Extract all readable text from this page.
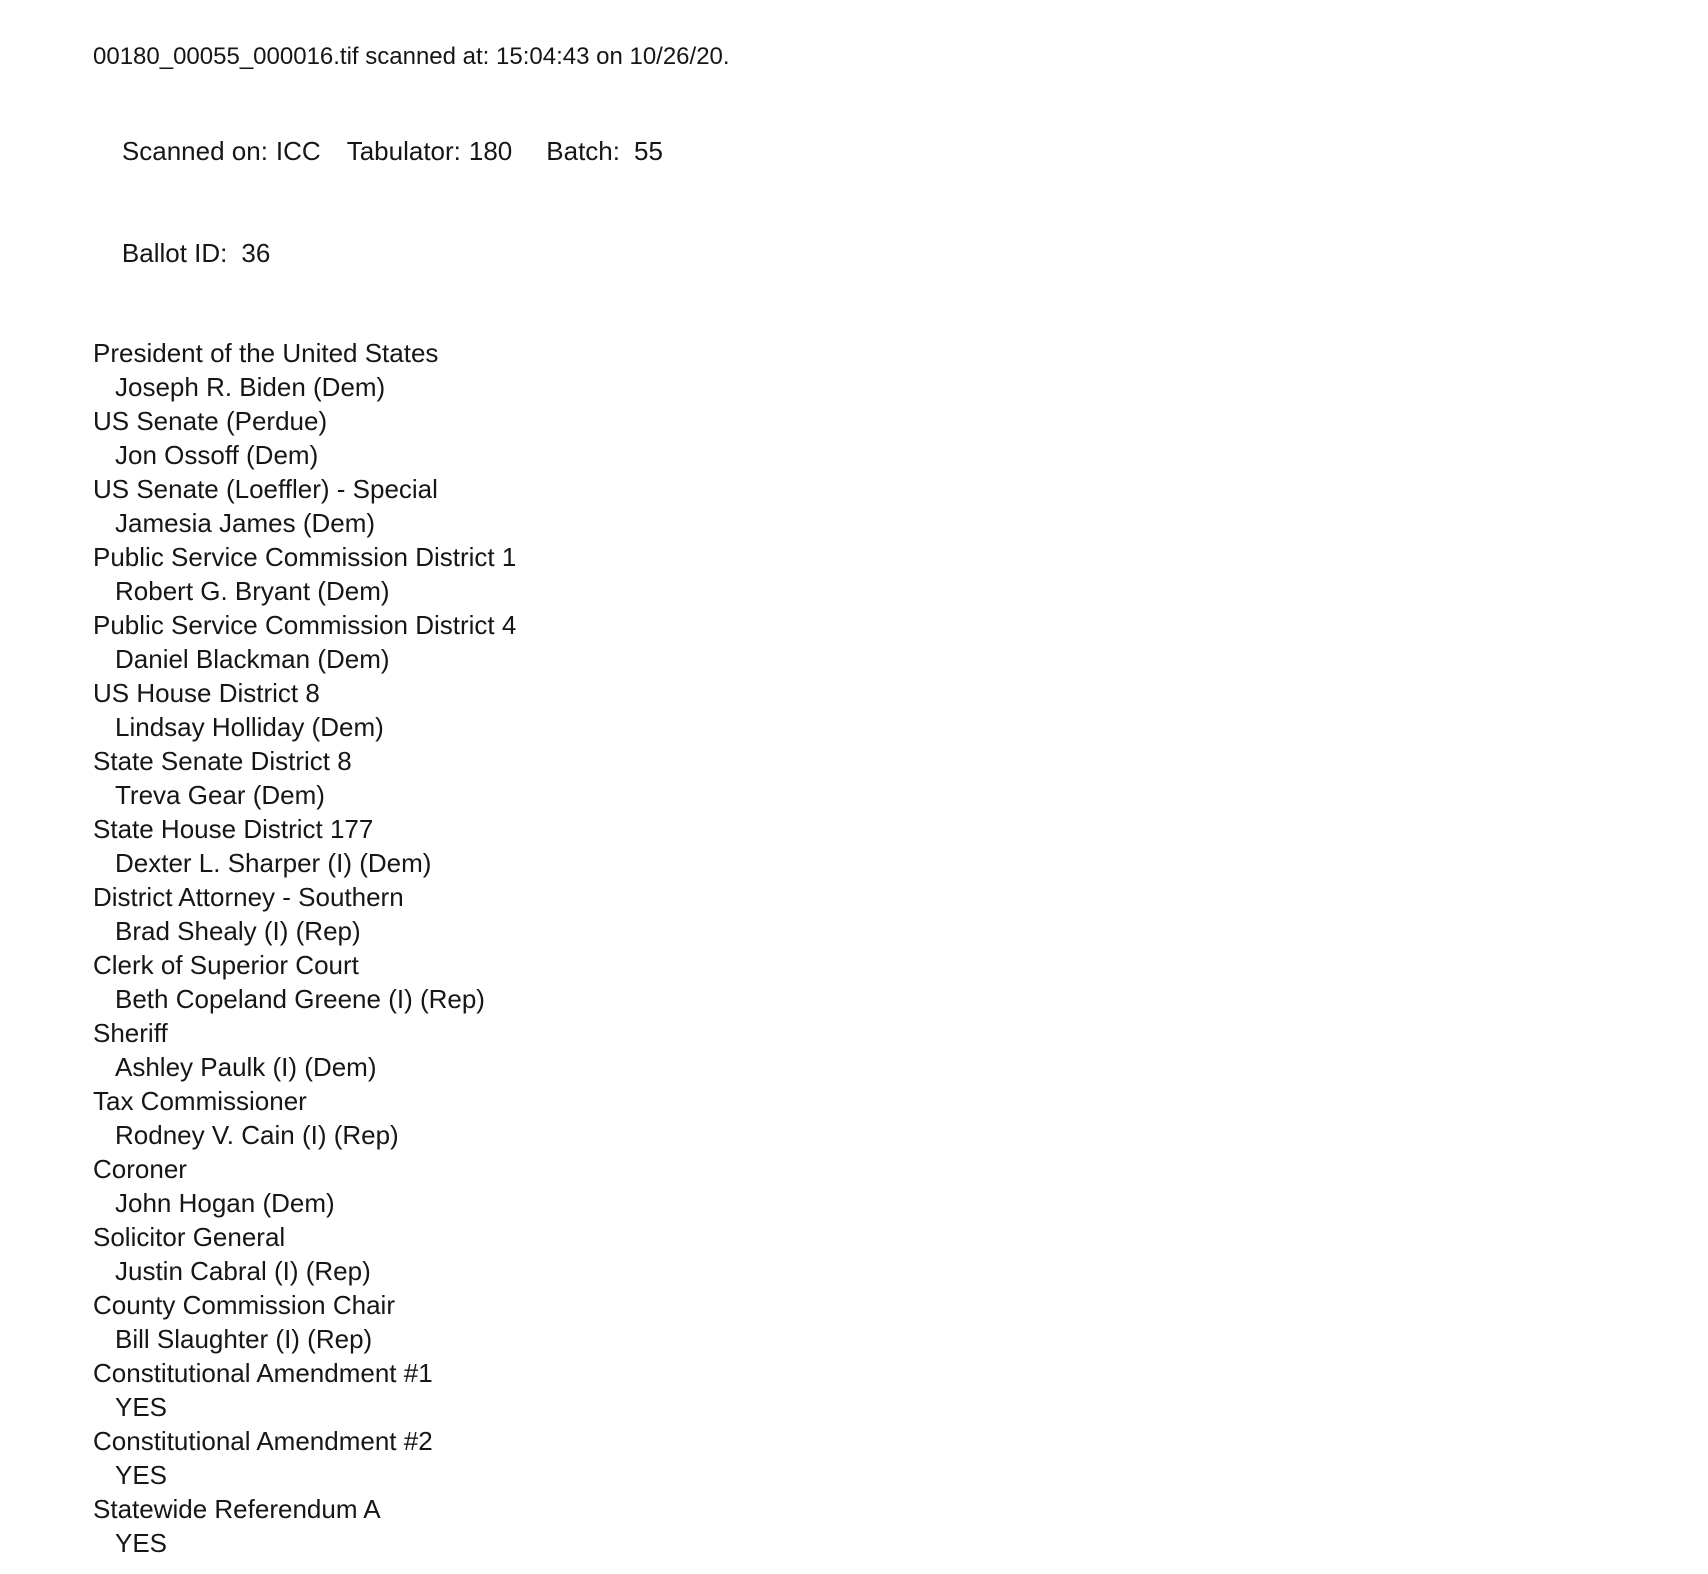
00180_00055_000016.tif scanned at: 15:04:43 on 10/26/20.

Scanned on: ICC Tabulator: 180 Batch: 55

Ballot ID: 36

President of the United States
Joseph R. Biden (Dem)
US Senate (Perdue)
Jon Ossoff (Dem)
US Senate (Loeffler) - Special
Jamesia James (Dem)
Public Service Commission District 1
Robert G. Bryant (Dem)
Public Service Commission District 4
Daniel Blackman (Dem)
US House District 8
Lindsay Holliday (Dem)
State Senate District 8
Treva Gear (Dem)
State House District 177
Dexter L. Sharper (I) (Dem)
District Attorney - Southern
Brad Shealy (I) (Rep)
Clerk of Superior Court
Beth Copeland Greene (I) (Rep)
Sheriff
Ashley Paulk (I) (Dem)
Tax Commissioner
Rodney V. Cain (I) (Rep)
Coroner
John Hogan (Dem)
Solicitor General
Justin Cabral (I) (Rep)
County Commission Chair
Bill Slaughter (I) (Rep)
Constitutional Amendment #1
YES
Constitutional Amendment #2
YES
Statewide Referendum A
YES
